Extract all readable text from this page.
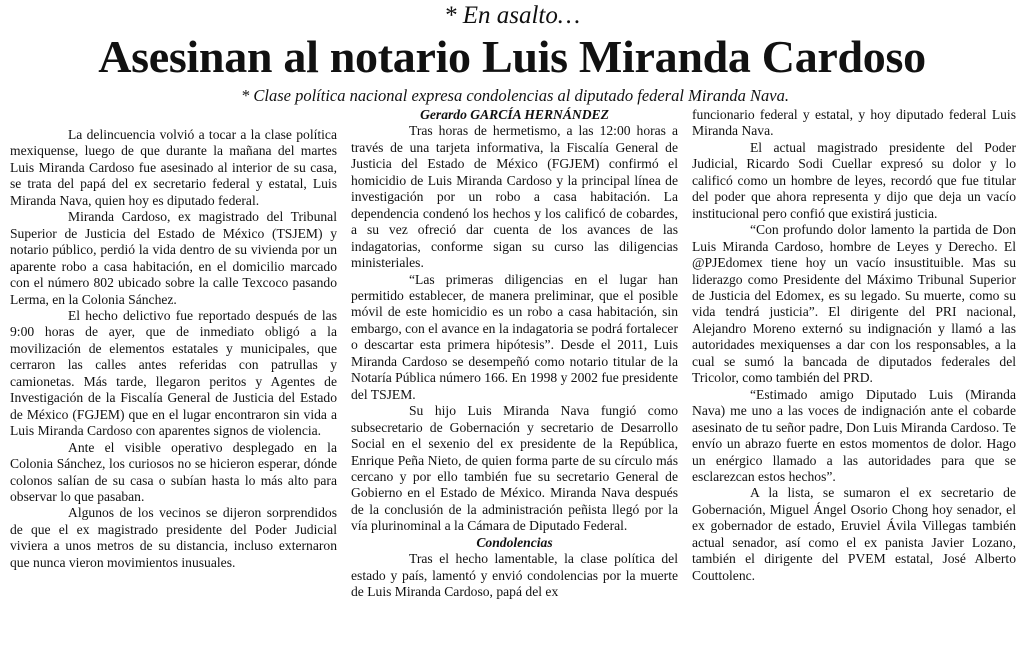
* En asalto…
Asesinan al notario Luis Miranda Cardoso
* Clase política nacional expresa condolencias al diputado federal Miranda Nava.

La delincuencia volvió a tocar a la clase política mexiquense, luego de que durante la mañana del martes Luis Miranda Cardoso fue asesinado al interior de su casa, se trata del papá del ex secretario federal y estatal, Luis Miranda Nava, quien hoy es diputado federal.

Miranda Cardoso, ex magistrado del Tribunal Superior de Justicia del Estado de México (TSJEM) y notario público, perdió la vida dentro de su vivienda por un aparente robo a casa habitación, en el domicilio marcado con el número 802 ubicado sobre la calle Texcoco pasando Lerma, en la Colonia Sánchez.

El hecho delictivo fue reportado después de las 9:00 horas de ayer, que de inmediato obligó a la movilización de elementos estatales y municipales, que cerraron las calles antes referidas con patrullas y camionetas. Más tarde, llegaron peritos y Agentes de Investigación de la Fiscalía General de Justicia del Estado de México (FGJEM) que en el lugar encontraron sin vida a Luis Miranda Cardoso con aparentes signos de violencia.

Ante el visible operativo desplegado en la Colonia Sánchez, los curiosos no se hicieron esperar, dónde colonos salían de su casa o subían hasta lo más alto para observar lo que pasaban.

Algunos de los vecinos se dijeron sorprendidos de que el ex magistrado presidente del Poder Judicial viviera a unos metros de su distancia, incluso externaron que nunca vieron movimientos inusuales.

Gerardo GARCÍA HERNÁNDEZ

Tras horas de hermetismo, a las 12:00 horas a través de una tarjeta informativa, la Fiscalía General de Justicia del Estado de México (FGJEM) confirmó el homicidio de Luis Miranda Cardoso y la principal línea de investigación por un robo a casa habitación. La dependencia condenó los hechos y los calificó de cobardes, a su vez ofreció dar cuenta de los avances de las indagatorias, conforme sigan su curso las diligencias ministeriales.

“Las primeras diligencias en el lugar han permitido establecer, de manera preliminar, que el posible móvil de este homicidio es un robo a casa habitación, sin embargo, con el avance en la indagatoria se podrá fortalecer o descartar esta primera hipótesis”. Desde el 2011, Luis Miranda Cardoso se desempeñó como notario titular de la Notaría Pública número 166. En 1998 y 2002 fue presidente del TSJEM.

Su hijo Luis Miranda Nava fungió como subsecretario de Gobernación y secretario de Desarrollo Social en el sexenio del ex presidente de la República, Enrique Peña Nieto, de quien forma parte de su círculo más cercano y por ello también fue su secretario General de Gobierno en el Estado de México. Miranda Nava después de la conclusión de la administración peñista llegó por la vía plurinominal a la Cámara de Diputado Federal.

Condolencias

Tras el hecho lamentable, la clase política del estado y país, lamentó y envió condolencias por la muerte de Luis Miranda Cardoso, papá del ex

funcionario federal y estatal, y hoy diputado federal Luis Miranda Nava.

El actual magistrado presidente del Poder Judicial, Ricardo Sodi Cuellar expresó su dolor y lo calificó como un hombre de leyes, recordó que fue titular del poder que ahora representa y dijo que deja un vacío institucional pero confió que existirá justicia.

“Con profundo dolor lamento la partida de Don Luis Miranda Cardoso, hombre de Leyes y Derecho. El @PJEdomex tiene hoy un vacío insustituible. Mas su liderazgo como Presidente del Máximo Tribunal Superior de Justicia del Edomex, es su legado. Su muerte, como su vida tendrá justicia”. El dirigente del PRI nacional, Alejandro Moreno externó su indignación y llamó a las autoridades mexiquenses a dar con los responsables, a la cual se sumó la bancada de diputados federales del Tricolor, como también del PRD.

“Estimado amigo Diputado Luis (Miranda Nava) me uno a las voces de indignación ante el cobarde asesinato de tu señor padre, Don Luis Miranda Cardoso. Te envío un abrazo fuerte en estos momentos de dolor. Hago un enérgico llamado a las autoridades para que se esclarezcan estos hechos”.

A la lista, se sumaron el ex secretario de Gobernación, Miguel Ángel Osorio Chong hoy senador, el ex gobernador de estado, Eruviel Ávila Villegas también actual senador, así como el ex panista Javier Lozano, también el dirigente del PVEM estatal, José Alberto Couttolenc.
